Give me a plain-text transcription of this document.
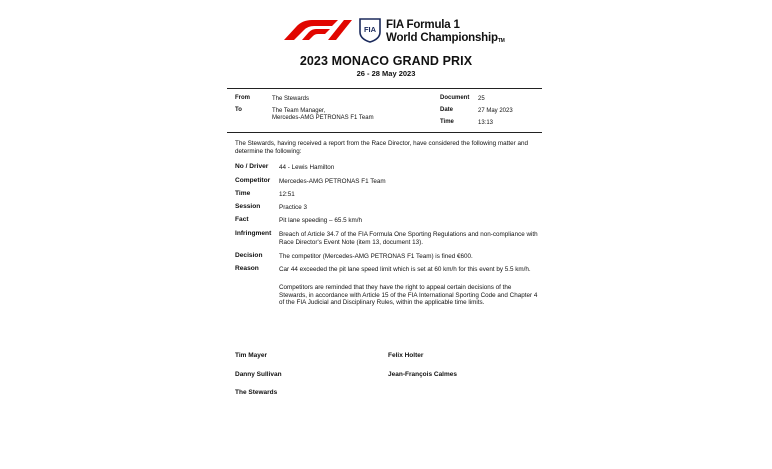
FIA FIA Formula 1
World ChampionshipTM
2023 MONACO GRAND PRIX
26 - 28 May 2023
From	The Stewards
To	The Team Manager,
Mercedes-AMG PETRONAS F1 Team
Document 25
Date	27 May 2023
Time	13:13
The Stewards, having received a report from the Race Director, have considered the following matter and determine the following:
No / Driver 44 - Lewis Hamilton
Competitor Mercedes-AMG PETRONAS F1 Team
Time	12:51
Session	Practice 3
Fact	Pit lane speeding – 65.5 km/h
Infringment Breach of Article 34.7 of the FIA Formula One Sporting Regulations and non-compliance with Race Director's Event Note (item 13, document 13).
Decision	The competitor (Mercedes-AMG PETRONAS F1 Team) is fined €600.
Reason	Car 44 exceeded the pit lane speed limit which is set at 60 km/h for this event by 5.5 km/h.
Competitors are reminded that they have the right to appeal certain decisions of the Stewards, in accordance with Article 15 of the FIA International Sporting Code and Chapter 4 of the FIA Judicial and Disciplinary Rules, within the applicable time limits.
Tim Mayer	Felix Holter
Danny Sullivan	Jean-François Calmes
The Stewards
